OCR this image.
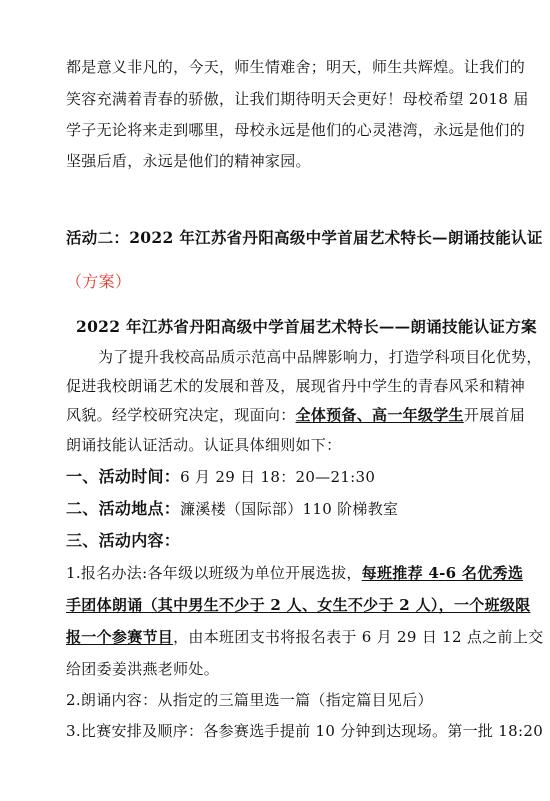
都是意义非凡的，今天，师生情难舍；明天，师生共辉煌。让我们的
笑容充满着青春的骄傲，让我们期待明天会更好！母校希望 2018 届
学子无论将来走到哪里，母校永远是他们的心灵港湾，永远是他们的
坚强后盾，永远是他们的精神家园。
活动二：2022 年江苏省丹阳高级中学首届艺术特长—朗诵技能认证
（方案）
2022 年江苏省丹阳高级中学首届艺术特长——朗诵技能认证方案
为了提升我校高品质示范高中品牌影响力，打造学科项目化优势，
促进我校朗诵艺术的发展和普及，展现省丹中学生的青春风采和精神
风貌。经学校研究决定，现面向：全体预备、高一年级学生开展首届
朗诵技能认证活动。认证具体细则如下：
一、活动时间：6 月 29 日 18：20—21:30
二、活动地点：濂溪楼（国际部）110 阶梯教室
三、活动内容：
1.报名办法:各年级以班级为单位开展选拔，每班推荐 4-6 名优秀选
手团体朗诵（其中男生不少于 2 人、女生不少于 2 人），一个班级限
报一个参赛节目，由本班团支书将报名表于 6 月 29 日 12 点之前上交
给团委姜洪燕老师处。
2.朗诵内容：从指定的三篇里选一篇（指定篇目见后）
3.比赛安排及顺序：各参赛选手提前 10 分钟到达现场。第一批 18:20
